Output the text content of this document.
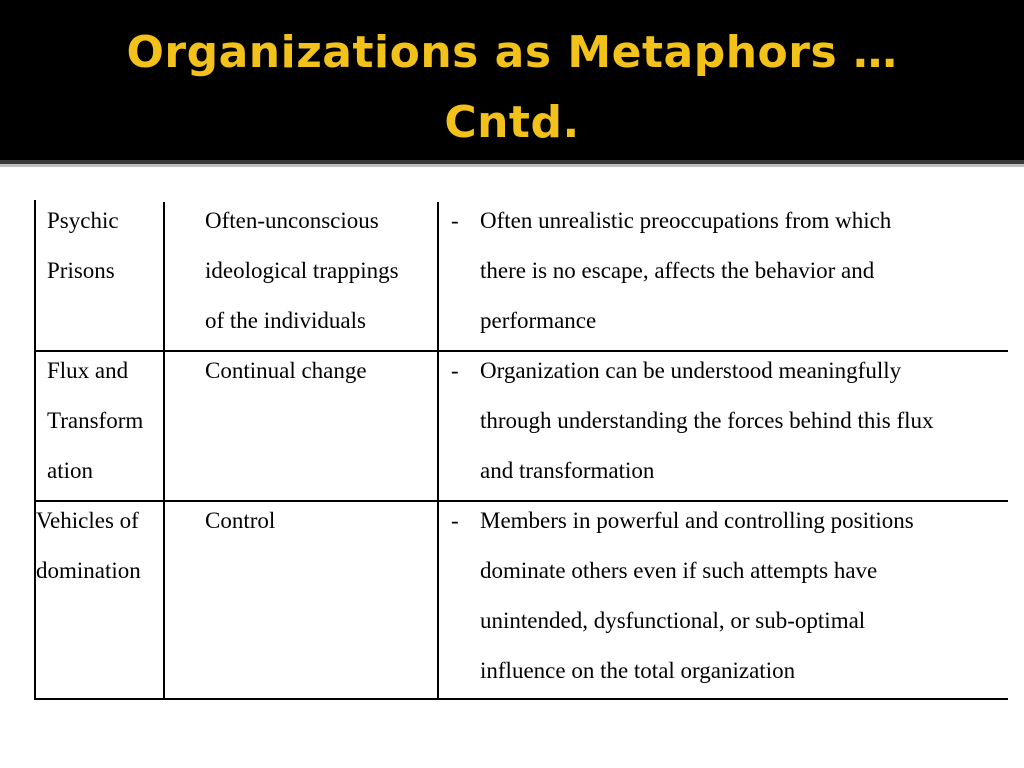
Organizations as Metaphors …
Cntd.
Psychic
Prisons
Often-unconscious
ideological trappings
of the individuals
- Often unrealistic preoccupations from which
there is no escape, affects the behavior and
performance
Flux and
Transform
ation
Continual change	- Organization can be understood meaningfully
through understanding the forces behind this flux
and transformation
Vehicles of
domination
Control	- Members in powerful and controlling positions
dominate others even if such attempts have
unintended, dysfunctional, or sub-optimal
influence on the total organization
